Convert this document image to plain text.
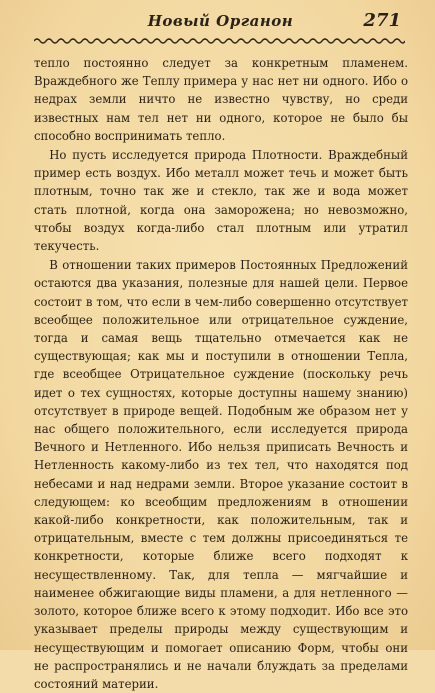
Новый Органон	271

тепло постоянно следует за конкретным пламенем. Враждебного же Теплу примера у нас нет ни одного. Ибо о недрах земли ничто не известно чувству, но среди известных нам тел нет ни одного, которое не было бы способно воспринимать тепло.

Но пусть исследуется природа Плотности. Враждебный пример есть воздух. Ибо металл может течь и может быть плотным, точно так же и стекло, так же и вода может стать плотной, когда она заморожена; но невозможно, чтобы воздух когда-либо стал плотным или утратил текучесть.

В отношении таких примеров Постоянных Предложений остаются два указания, полезные для нашей цели. Первое состоит в том, что если в чем-либо совершенно отсутствует всеобщее положительное или отрицательное суждение, тогда и самая вещь тщательно отмечается как не существующая; как мы и поступили в отношении Тепла, где всеобщее Отрицательное суждение (поскольку речь идет о тех сущностях, которые доступны нашему знанию) отсутствует в природе вещей. Подобным же образом нет у нас общего положительного, если исследуется природа Вечного и Нетленного. Ибо нельзя приписать Вечность и Нетленность какому-либо из тех тел, что находятся под небесами и над недрами земли. Второе указание состоит в следующем: ко всеобщим предложениям в отношении какой-либо конкретности, как положительным, так и отрицательным, вместе с тем должны присоединяться те конкретности, которые ближе всего подходят к несуществленному. Так, для тепла — мягчайшие и наименее обжигающие виды пламени, а для нетленного — золото, которое ближе всего к этому подходит. Ибо все это указывает пределы природы между существующим и несуществующим и помогает описанию Форм, чтобы они не распространялись и не начали блуждать за пределами состояний материи.
